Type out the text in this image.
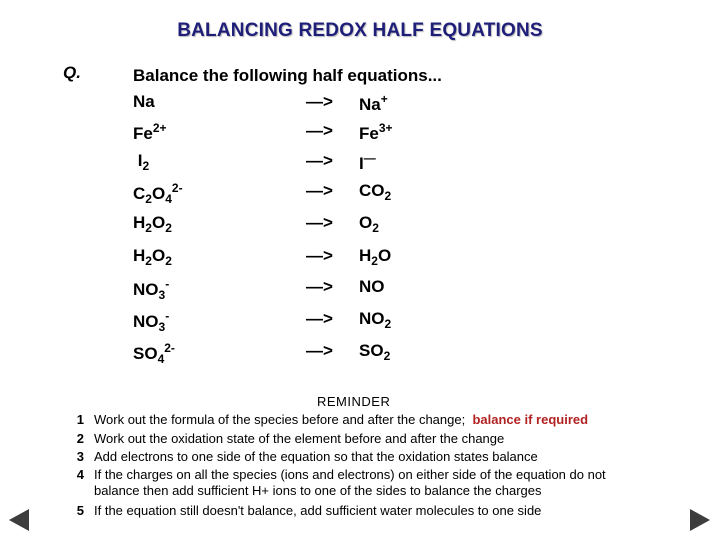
BALANCING REDOX HALF EQUATIONS
Q.	Balance the following half equations...
Na	—> Na+
$Fe^{2+}$	—> $Fe^{3+}$
$I_2$	—> I—
$C_2O_4^{2-}$	—> $CO_2$
$H_2O_2$	—> $O_2$
$H_2O_2$	—> $H_2O$
$NO_3^-$	—> NO
$NO_3^-$	—> $NO_2$
$SO_4^{2-}$	—> $SO_2$
REMINDER
1 Work out the formula of the species before and after the change; balance if required
2 Work out the oxidation state of the element before and after the change
3 Add electrons to one side of the equation so that the oxidation states balance
4 If the charges on all the species (ions and electrons) on either side of the equation do not balance then add sufficient H+ ions to one of the sides to balance the charges
5 If the equation still doesn't balance, add sufficient water molecules to one side
